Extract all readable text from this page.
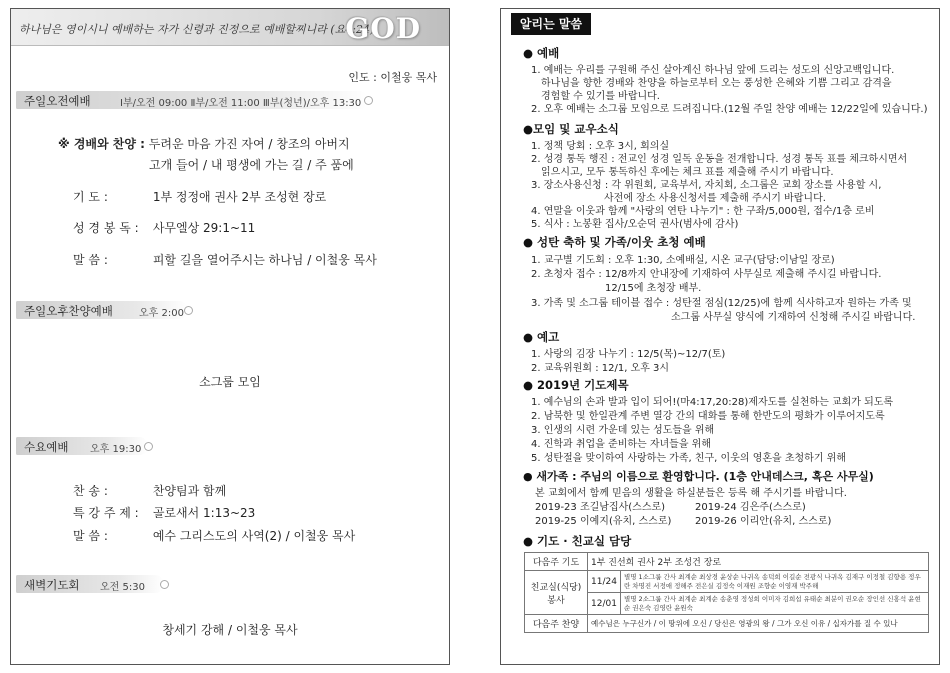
하나님은 영이시니 예배하는 자가 신령과 진정으로 예배할찌니라 (요4:24)
GOD
인도 : 이철웅 목사
주일오전예배	Ⅰ부/오전 09:00 Ⅱ부/오전 11:00 Ⅲ부(청년)/오후 13:30
※ 경배와 찬양 : 두려운 마음 가진 자여 / 창조의 아버지
고개 들어 / 내 평생에 가는 길 / 주 품에
기 도 :	1부 정정애 권사 2부 조성현 장로
성 경 봉 독 : 사무엘상 29:1~11
말 씀 :	피할 길을 열어주시는 하나님 / 이철웅 목사
주일오후찬양예배	오후 2:00
소그룹 모임
수요예배 오후 19:30
찬 송 :	찬양팀과 함께
특 강 주 제 : 골로새서 1:13~23
말 씀 :	예수 그리스도의 사역(2) / 이철웅 목사
새벽기도회 오전 5:30
창세기 강해 / 이철웅 목사
알리는 말씀
● 예배
1. 예배는 우리를 구원해 주신 살아계신 하나님 앞에 드리는 성도의 신앙고백입니다.
하나님을 향한 경배와 찬양을 하늘로부터 오는 풍성한 은혜와 기쁨 그리고 감격을
경험할 수 있기를 바랍니다.
2. 오후 예배는 소그룹 모임으로 드려집니다.(12월 주일 찬양 예배는 12/22일에 있습니다.)
●모임 및 교우소식
1. 정책 당회 : 오후 3시, 회의실
2. 성경 통독 행진 : 전교인 성경 일독 운동을 전개합니다. 성경 통독 표를 체크하시면서
읽으시고, 모두 통독하신 후에는 체크 표를 제출해 주시기 바랍니다.
3. 장소사용신청 : 각 위원회, 교육부서, 자치회, 소그룹은 교회 장소를 사용할 시,
사전에 장소 사용신청서를 제출해 주시기 바랍니다.
4. 연말을 이웃과 함께 "사랑의 연탄 나누기" : 한 구좌/5,000원, 접수/1층 로비
5. 식사 : 노봉환 집사/오순덕 권사(범사에 감사)
● 성탄 축하 및 가족/이웃 초청 예배
1. 교구별 기도회 : 오후 1:30, 소예배실, 시온 교구(담당:이남일 장로)
2. 초청자 접수 : 12/8까지 안내장에 기재하여 사무실로 제출해 주시길 바랍니다.
12/15에 초청장 배부.
3. 가족 및 소그룹 테이블 접수 : 성탄절 점심(12/25)에 함께 식사하고자 원하는 가족 및
소그룹 사무실 양식에 기재하여 신청해 주시길 바랍니다.
● 예고
1. 사랑의 김장 나누기 : 12/5(목)~12/7(토)
2. 교육위원회 : 12/1, 오후 3시
● 2019년 기도제목
1. 예수님의 손과 발과 입이 되어!(마4:17,20:28)제자도를 실천하는 교회가 되도록
2. 남북한 및 한일관계 주변 열강 간의 대화를 통해 한반도의 평화가 이루어지도록
3. 인생의 시련 가운데 있는 성도들을 위해
4. 진학과 취업을 준비하는 자녀들을 위해
5. 성탄절을 맞이하여 사랑하는 가족, 친구, 이웃의 영혼을 초청하기 위해
● 새가족 : 주님의 이름으로 환영합니다. (1층 안내데스크, 혹은 사무실)
본 교회에서 함께 믿음의 생활을 하실분들은 등록 해 주시기를 바랍니다.
2019-23 조길남집사(스스로)	2019-24 김은주(스스로)
2019-25 이예지(유치, 스스로) 2019-26 이리안(유치, 스스로)
● 기도 · 친교실 담당
다음주 기도	1부 진선희 권사 2부 조성건 장로	
친교실(식당) 봉사	11/24	별명 1소그룹 간사 최계순 최상경 윤상순 나귀옥 송덕희 이길순 전광식 나귀옥 김재구 이정철 김향용 정우란 차명진 서정애 정해주 전은실 김정숙 이재원 조향순 이영재 박주해
	12/01	별명 2소그룹 간사 최계순 최계순 송춘영 정성희 이미자 김희섭 유태순 최분이 권오순 장인선 신홍석 윤현순 권은숙 김영란 윤원숙
다음주 찬양	예수님은 누구신가 / 이 땅위에 오신 / 당신은 영광의 왕 / 그가 오신 이유 / 십자가를 질 수 있나	
